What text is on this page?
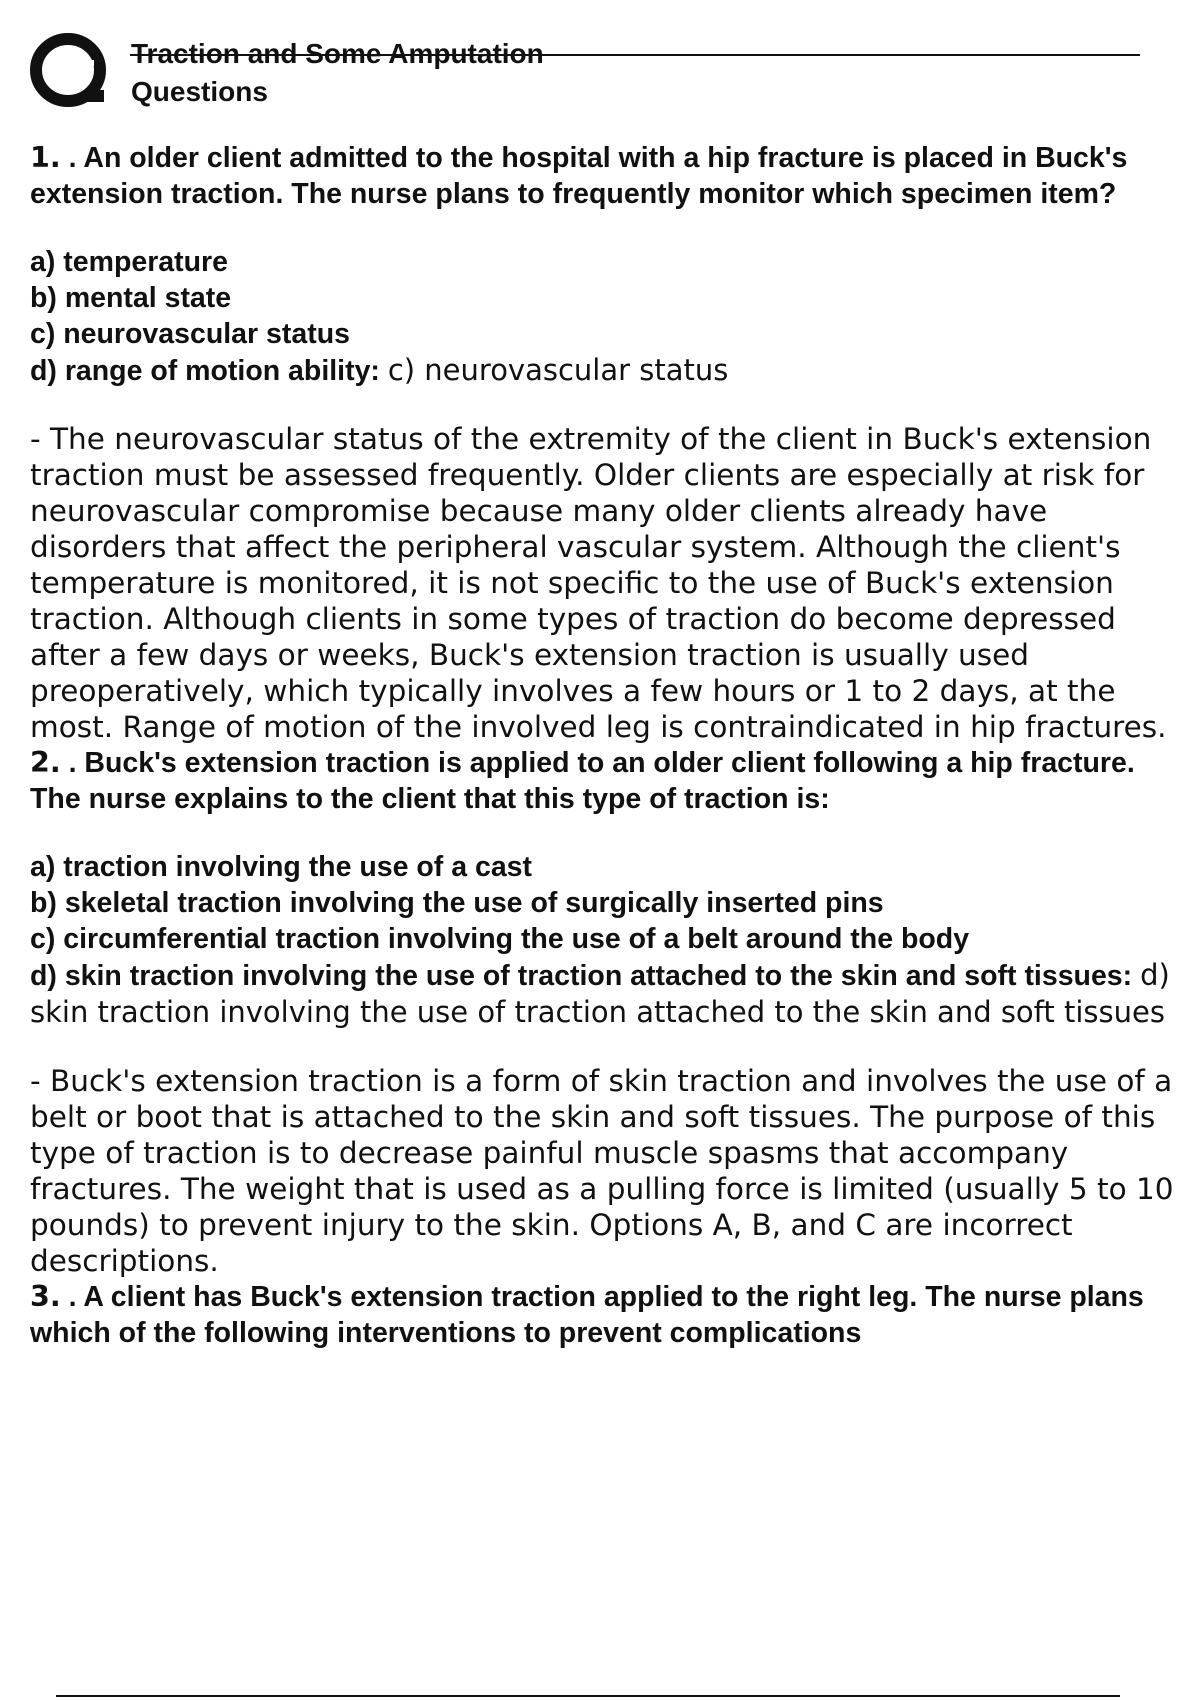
Traction and Some Amputation
Questions

1. . An older client admitted to the hospital with a hip fracture is placed in Buck's extension traction. The nurse plans to frequently monitor which specimen item?

a) temperature
b) mental state
c) neurovascular status
d) range of motion ability: c) neurovascular status

- The neurovascular status of the extremity of the client in Buck's extension traction must be assessed frequently. Older clients are especially at risk for neurovascular compromise because many older clients already have disorders that affect the peripheral vascular system. Although the client's temperature is monitored, it is not specific to the use of Buck's extension traction. Although clients in some types of traction do become depressed after a few days or weeks, Buck's extension traction is usually used preoperatively, which typically involves a few hours or 1 to 2 days, at the most. Range of motion of the involved leg is contraindicated in hip fractures.

2. . Buck's extension traction is applied to an older client following a hip fracture. The nurse explains to the client that this type of traction is:

a) traction involving the use of a cast
b) skeletal traction involving the use of surgically inserted pins
c) circumferential traction involving the use of a belt around the body
d) skin traction involving the use of traction attached to the skin and soft tissues: d) skin traction involving the use of traction attached to the skin and soft tissues

- Buck's extension traction is a form of skin traction and involves the use of a belt or boot that is attached to the skin and soft tissues. The purpose of this type of traction is to decrease painful muscle spasms that accompany fractures. The weight that is used as a pulling force is limited (usually 5 to 10 pounds) to prevent injury to the skin. Options A, B, and C are incorrect descriptions.

3. . A client has Buck's extension traction applied to the right leg. The nurse plans which of the following interventions to prevent complications
